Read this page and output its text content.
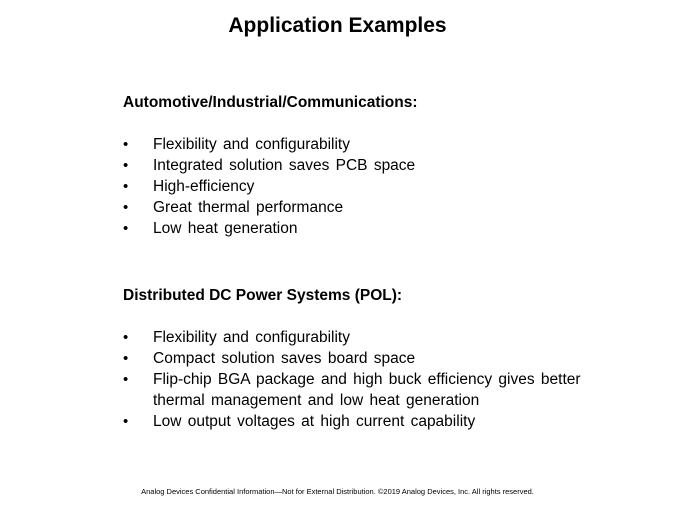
Application Examples
Automotive/Industrial/Communications:
•	Flexibility and configurability
•	Integrated solution saves PCB space
•	High-efficiency
•	Great thermal performance
•	Low heat generation
Distributed DC Power Systems (POL):
•	Flexibility and configurability
•	Compact solution saves board space
•	Flip-chip BGA package and high buck efficiency gives better thermal management and low heat generation
•	Low output voltages at high current capability
Analog Devices Confidential Information—Not for External Distribution. ©2019 Analog Devices, Inc. All rights reserved.
